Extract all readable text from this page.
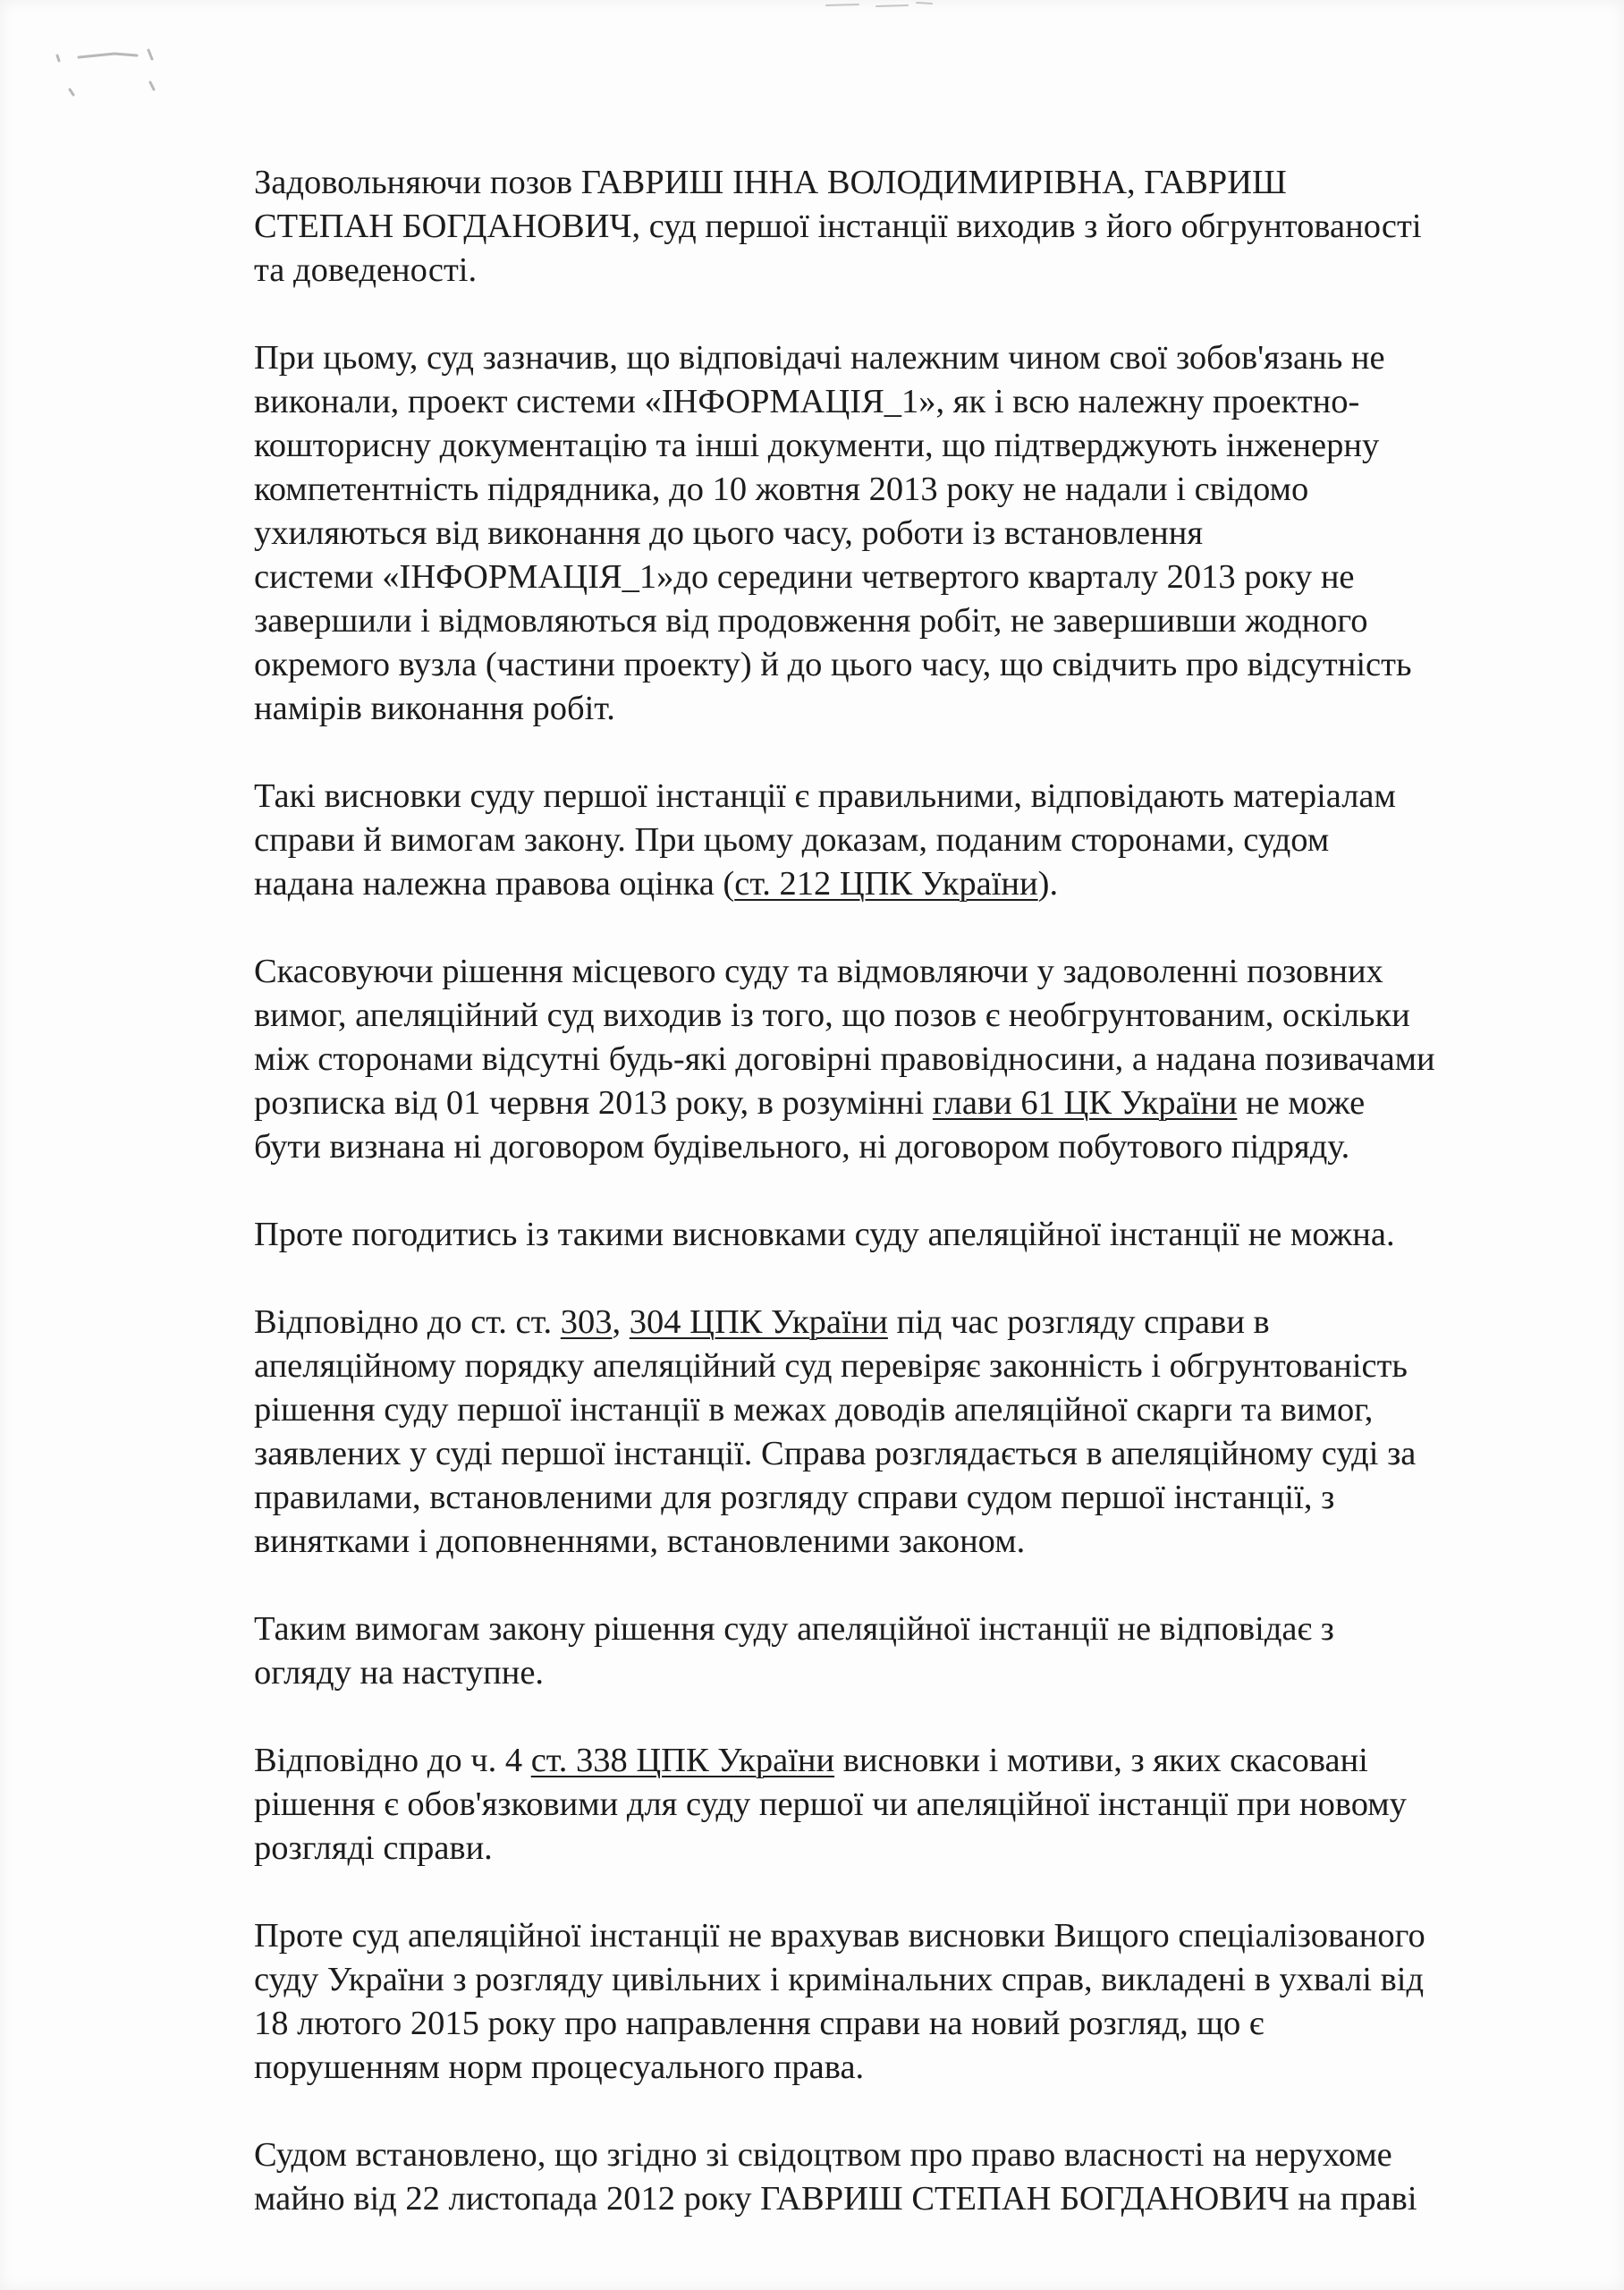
Задовольняючи позов ГАВРИШ ІННА ВОЛОДИМИРІВНА, ГАВРИШ
СТЕПАН БОГДАНОВИЧ, суд першої інстанції виходив з його обгрунтованості
та доведеності.

При цьому, суд зазначив, що відповідачі належним чином свої зобов'язань не
виконали, проект системи «ІНФОРМАЦІЯ_1», як і всю належну проектно-
кошторисну документацію та інші документи, що підтверджують інженерну
компетентність підрядника, до 10 жовтня 2013 року не надали і свідомо
ухиляються від виконання до цього часу, роботи із встановлення
системи «ІНФОРМАЦІЯ_1»до середини четвертого кварталу 2013 року не
завершили і відмовляються від продовження робіт, не завершивши жодного
окремого вузла (частини проекту) й до цього часу, що свідчить про відсутність
намірів виконання робіт.

Такі висновки суду першої інстанції є правильними, відповідають матеріалам
справи й вимогам закону. При цьому доказам, поданим сторонами, судом
надана належна правова оцінка (ст. 212 ЦПК України).

Скасовуючи рішення місцевого суду та відмовляючи у задоволенні позовних
вимог, апеляційний суд виходив із того, що позов є необгрунтованим, оскільки
між сторонами відсутні будь-які договірні правовідносини, а надана позивачами
розписка від 01 червня 2013 року, в розумінні глави 61 ЦК України не може
бути визнана ні договором будівельного, ні договором побутового підряду.

Проте погодитись із такими висновками суду апеляційної інстанції не можна.

Відповідно до ст. ст. 303, 304 ЦПК України під час розгляду справи в
апеляційному порядку апеляційний суд перевіряє законність і обгрунтованість
рішення суду першої інстанції в межах доводів апеляційної скарги та вимог,
заявлених у суді першої інстанції. Справа розглядається в апеляційному суді за
правилами, встановленими для розгляду справи судом першої інстанції, з
винятками і доповненнями, встановленими законом.

Таким вимогам закону рішення суду апеляційної інстанції не відповідає з
огляду на наступне.

Відповідно до ч. 4 ст. 338 ЦПК України висновки і мотиви, з яких скасовані
рішення є обов'язковими для суду першої чи апеляційної інстанції при новому
розгляді справи.

Проте суд апеляційної інстанції не врахував висновки Вищого спеціалізованого
суду України з розгляду цивільних і кримінальних справ, викладені в ухвалі від
18 лютого 2015 року про направлення справи на новий розгляд, що є
порушенням норм процесуального права.

Судом встановлено, що згідно зі свідоцтвом про право власності на нерухоме
майно від 22 листопада 2012 року ГАВРИШ СТЕПАН БОГДАНОВИЧ на праві
